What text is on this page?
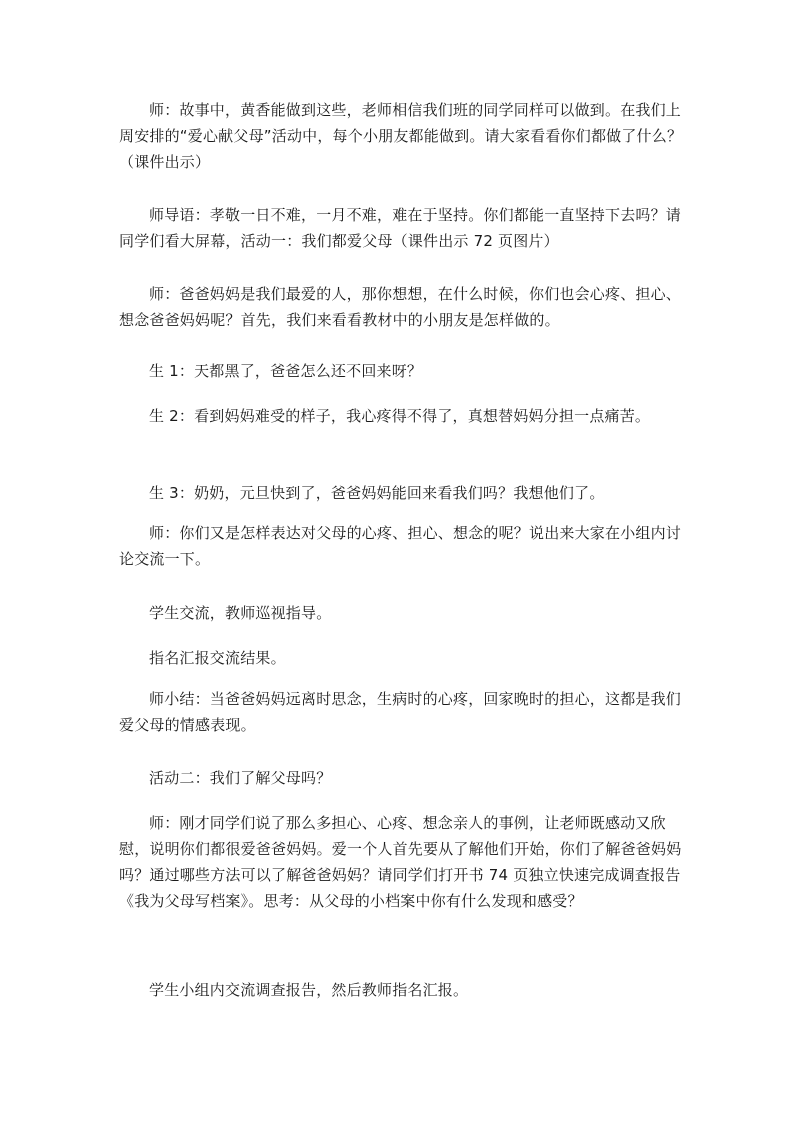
师：故事中，黄香能做到这些，老师相信我们班的同学同样可以做到。在我们上周安排的“爱心献父母”活动中，每个小朋友都能做到。请大家看看你们都做了什么？（课件出示）

师导语：孝敬一日不难，一月不难，难在于坚持。你们都能一直坚持下去吗？请同学们看大屏幕，活动一：我们都爱父母（课件出示 72 页图片）

师：爸爸妈妈是我们最爱的人，那你想想，在什么时候，你们也会心疼、担心、想念爸爸妈妈呢？首先，我们来看看教材中的小朋友是怎样做的。

生 1：天都黑了，爸爸怎么还不回来呀？

生 2：看到妈妈难受的样子，我心疼得不得了，真想替妈妈分担一点痛苦。

生 3：奶奶，元旦快到了，爸爸妈妈能回来看我们吗？我想他们了。

师：你们又是怎样表达对父母的心疼、担心、想念的呢？说出来大家在小组内讨论交流一下。

学生交流，教师巡视指导。

指名汇报交流结果。

师小结：当爸爸妈妈远离时思念，生病时的心疼，回家晚时的担心，这都是我们爱父母的情感表现。

活动二：我们了解父母吗？

师：刚才同学们说了那么多担心、心疼、想念亲人的事例，让老师既感动又欣慰，说明你们都很爱爸爸妈妈。爱一个人首先要从了解他们开始，你们了解爸爸妈妈吗？通过哪些方法可以了解爸爸妈妈？请同学们打开书 74 页独立快速完成调查报告《我为父母写档案》。思考：从父母的小档案中你有什么发现和感受？

学生小组内交流调查报告，然后教师指名汇报。
